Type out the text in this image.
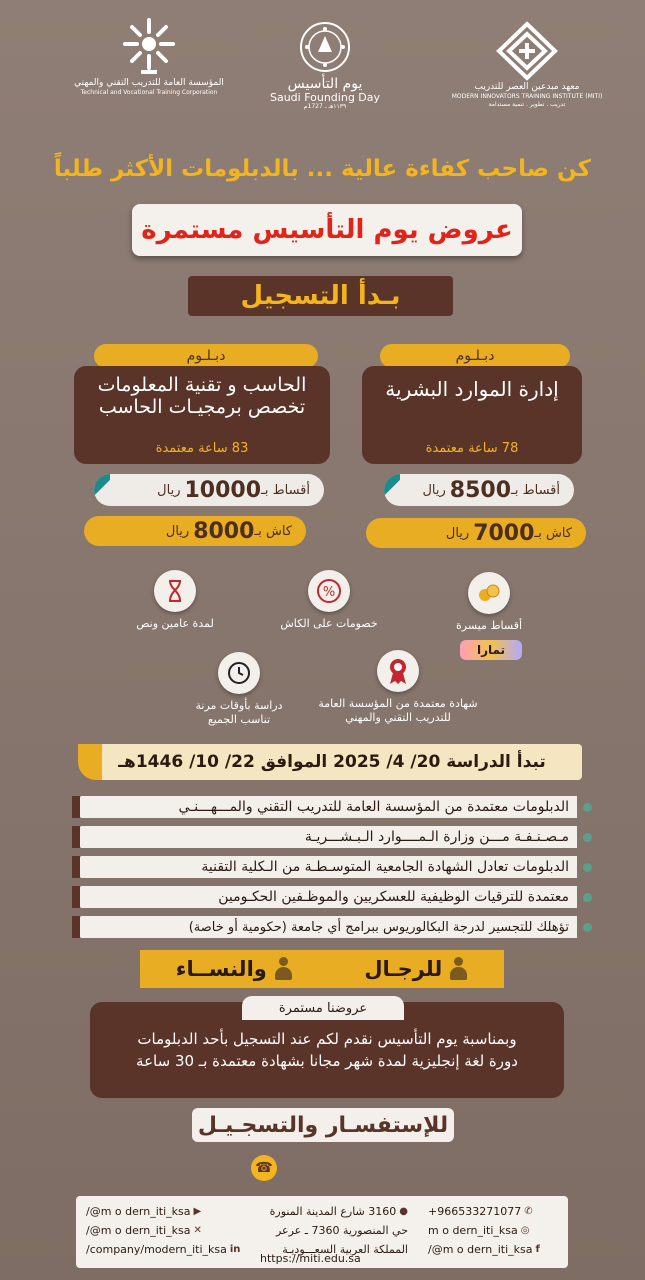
المؤسسة العامة للتدريب التقني والمهني
Technical and Vocational Training Corporation
يوم التأسيس
Saudi Founding Day
١١٣٩هـ ـ 1727م
معهد مبدعين العصر للتدريب
MODERN INNOVATORS TRAINING INSTITUTE (MITI)
تدريب . تطوير . تنمية مستدامة
كن صاحب كفاءة عالية ... بالدبلومات الأكثر طلباً
عروض يوم التأسيس مستمرة
بـدأ التسجيل
دبـلـوم
إدارة الموارد البشرية
78 ساعة معتمدة
أقساط بـ
8500
ريال
كاش بـ
7000
ريال
دبـلـوم
الحاسب و تقنية المعلومات تخصص برمجيـات الحاسب
83 ساعة معتمدة
أقساط بـ
10000
ريال
كاش بـ
8000
ريال
أقساط ميسرة
تمارا
%
خصومات على الكاش
لمدة عامين ونص
شهادة معتمدة من المؤسسة العامة للتدريب التقني والمهني
دراسة بأوقات مرنة تناسب الجميع
تبدأ الدراسة 20/ 4/ 2025 الموافق 22/ 10/ 1446هـ
الدبلومات معتمدة من المؤسسة العامة للتدريب التقني والمـــهـــنـي
مـصـنـفـة مـــن وزارة الـمــــوارد الـبـشـــريـة
الدبلومات تعادل الشهادة الجامعية المتوسـطـة من الـكلية التقنية
معتمدة للترقيات الوظيفية للعسكريين والموظـفين الحكـومين
تؤهلك للتجسير لدرجة البكالوريوس ببرامج أي جامعة (حكومية أو خاصة)
للرجـال
والنســاء
وبمناسبة يوم التأسيس نقدم لكم عند التسجيل بأحد الدبلومات
دورة لغة إنجليزية لمدة شهر مجانا بشهادة معتمدة بـ 30 ساعة
عروضنا مستمرة
للإستفسـار والتسجـيـل
☎
/@m o dern_iti_ksa ▶
/@m o dern_iti_ksa ✕
/company/modern_iti_ksa in
●
3160 شارع المدينة المنورة
حي المنصورية 7360 ـ عرعر
المملكة العربية السعـــوديـة
https://miti.edu.sa
+966533271077 ✆
m o dern_iti_ksa ◎
/@m o dern_iti_ksa f
